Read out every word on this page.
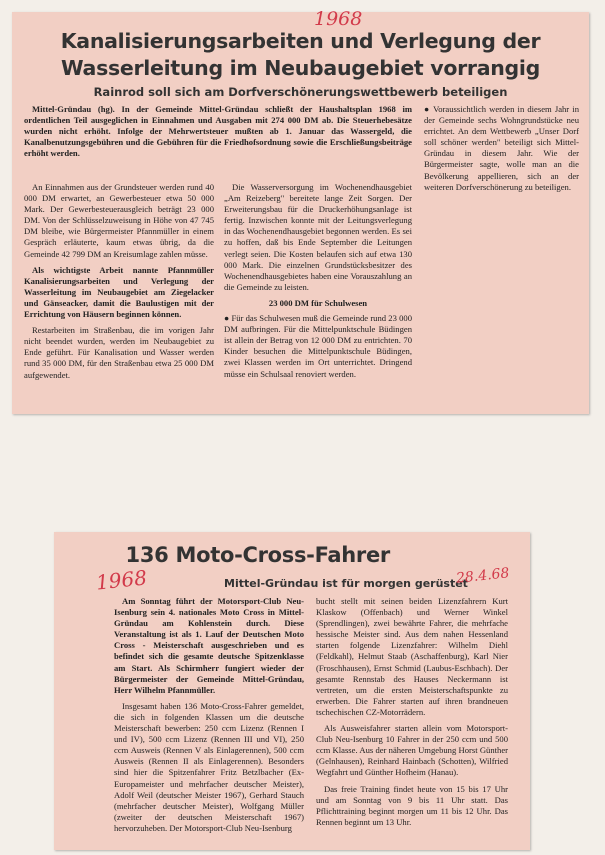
1968
Kanalisierungsarbeiten und Verlegung der Wasserleitung im Neubaugebiet vorrangig
Rainrod soll sich am Dorfverschönerungswettbewerb beteiligen

Mittel-Gründau (hg). In der Gemeinde Mittel-Gründau schließt der Haushaltsplan 1968 im ordentlichen Teil ausgeglichen in Einnahmen und Ausgaben mit 274 000 DM ab. Die Steuerhebesätze wurden nicht erhöht. Infolge der Mehrwertsteuer mußten ab 1. Januar das Wassergeld, die Kanalbenutzungsgebühren und die Gebühren für die Friedhofsordnung sowie die Erschließungsbeiträge erhöht werden.

An Einnahmen aus der Grundsteuer werden rund 40 000 DM erwartet, an Gewerbesteuer etwa 50 000 Mark. Der Gewerbesteuerausgleich beträgt 23 000 DM. Von der Schlüsselzuweisung in Höhe von 47 745 DM bleibe, wie Bürgermeister Pfannmüller in einem Gespräch erläuterte, kaum etwas übrig, da die Gemeinde 42 799 DM an Kreisumlage zahlen müsse.

Als wichtigste Arbeit nannte Pfannmüller Kanalisierungsarbeiten und Verlegung der Wasserleitung im Neubaugebiet am Ziegelacker und Gänseacker, damit die Baulustigen mit der Errichtung von Häusern beginnen können.

Restarbeiten im Straßenbau, die im vorigen Jahr nicht beendet wurden, werden im Neubaugebiet zu Ende geführt. Für Kanalisation und Wasser werden rund 35 000 DM, für den Straßenbau etwa 25 000 DM aufgewendet.

Die Wasserversorgung im Wochenendhausgebiet „Am Reizeberg" bereitete lange Zeit Sorgen. Der Erweiterungsbau für die Druckerhöhungsanlage ist fertig. Inzwischen konnte mit der Leitungsverlegung in das Wochenendhausgebiet begonnen werden. Es sei zu hoffen, daß bis Ende September die Leitungen verlegt seien. Die Kosten belaufen sich auf etwa 130 000 Mark. Die einzelnen Grundstücksbesitzer des Wochenendhausgebietes haben eine Vorauszahlung an die Gemeinde zu leisten.

23 000 DM für Schulwesen

● Für das Schulwesen muß die Gemeinde rund 23 000 DM aufbringen. Für die Mittelpunktschule Büdingen ist allein der Betrag von 12 000 DM zu entrichten. 70 Kinder besuchen die Mittelpunktschule Büdingen, zwei Klassen werden im Ort unterrichtet. Dringend müsse ein Schulsaal renoviert werden.

● Voraussichtlich werden in diesem Jahr in der Gemeinde sechs Wohngrundstücke neu errichtet. An dem Wettbewerb „Unser Dorf soll schöner werden" beteiligt sich Mittel-Gründau in diesem Jahr. Wie der Bürgermeister sagte, wolle man an die Bevölkerung appellieren, sich an der weiteren Dorfverschönerung zu beteiligen.

136 Moto-Cross-Fahrer
1968	Mittel-Gründau ist für morgen gerüstet
28.4.68

Am Sonntag führt der Motorsport-Club Neu-Isenburg sein 4. nationales Moto Cross in Mittel-Gründau am Kohlenstein durch. Diese Veranstaltung ist als 1. Lauf der Deutschen Moto Cross - Meisterschaft ausgeschrieben und es befindet sich die gesamte deutsche Spitzenklasse am Start. Als Schirmherr fungiert wieder der Bürgermeister der Gemeinde Mittel-Gründau, Herr Wilhelm Pfannmüller.

Insgesamt haben 136 Moto-Cross-Fahrer gemeldet, die sich in folgenden Klassen um die deutsche Meisterschaft bewerben: 250 ccm Lizenz (Rennen I und IV), 500 ccm Lizenz (Rennen III und VI), 250 ccm Ausweis (Rennen V als Einlagerennen), 500 ccm Ausweis (Rennen II als Einlagerennen). Besonders sind hier die Spitzenfahrer Fritz Betzlbacher (Ex-Europameister und mehrfacher deutscher Meister), Adolf Weil (deutscher Meister 1967), Gerhard Stauch (mehrfacher deutscher Meister), Wolfgang Müller (zweiter der deutschen Meisterschaft 1967) hervorzuheben. Der Motorsport-Club Neu-Isenburg

bucht stellt mit seinen beiden Lizenzfahrern Kurt Klaskow (Offenbach) und Werner Winkel (Sprendlingen), zwei bewährte Fahrer, die mehrfache hessische Meister sind. Aus dem nahen Hessenland starten folgende Lizenzfahrer: Wilhelm Diehl (Feldkahl), Helmut Staab (Aschaffenburg), Karl Nier (Froschhausen), Ernst Schmid (Laubus-Eschbach). Der gesamte Rennstab des Hauses Neckermann ist vertreten, um die ersten Meisterschaftspunkte zu erwerben. Die Fahrer starten auf ihren brandneuen tschechischen CZ-Motorrädern.

Als Ausweisfahrer starten allein vom Motorsport-Club Neu-Isenburg 10 Fahrer in der 250 ccm und 500 ccm Klasse. Aus der näheren Umgebung Horst Günther (Gelnhausen), Reinhard Hainbach (Schotten), Wilfried Wegfahrt und Günther Hofheim (Hanau).

Das freie Training findet heute von 15 bis 17 Uhr und am Sonntag von 9 bis 11 Uhr statt. Das Pflichttraining beginnt morgen um 11 bis 12 Uhr. Das Rennen beginnt um 13 Uhr.
